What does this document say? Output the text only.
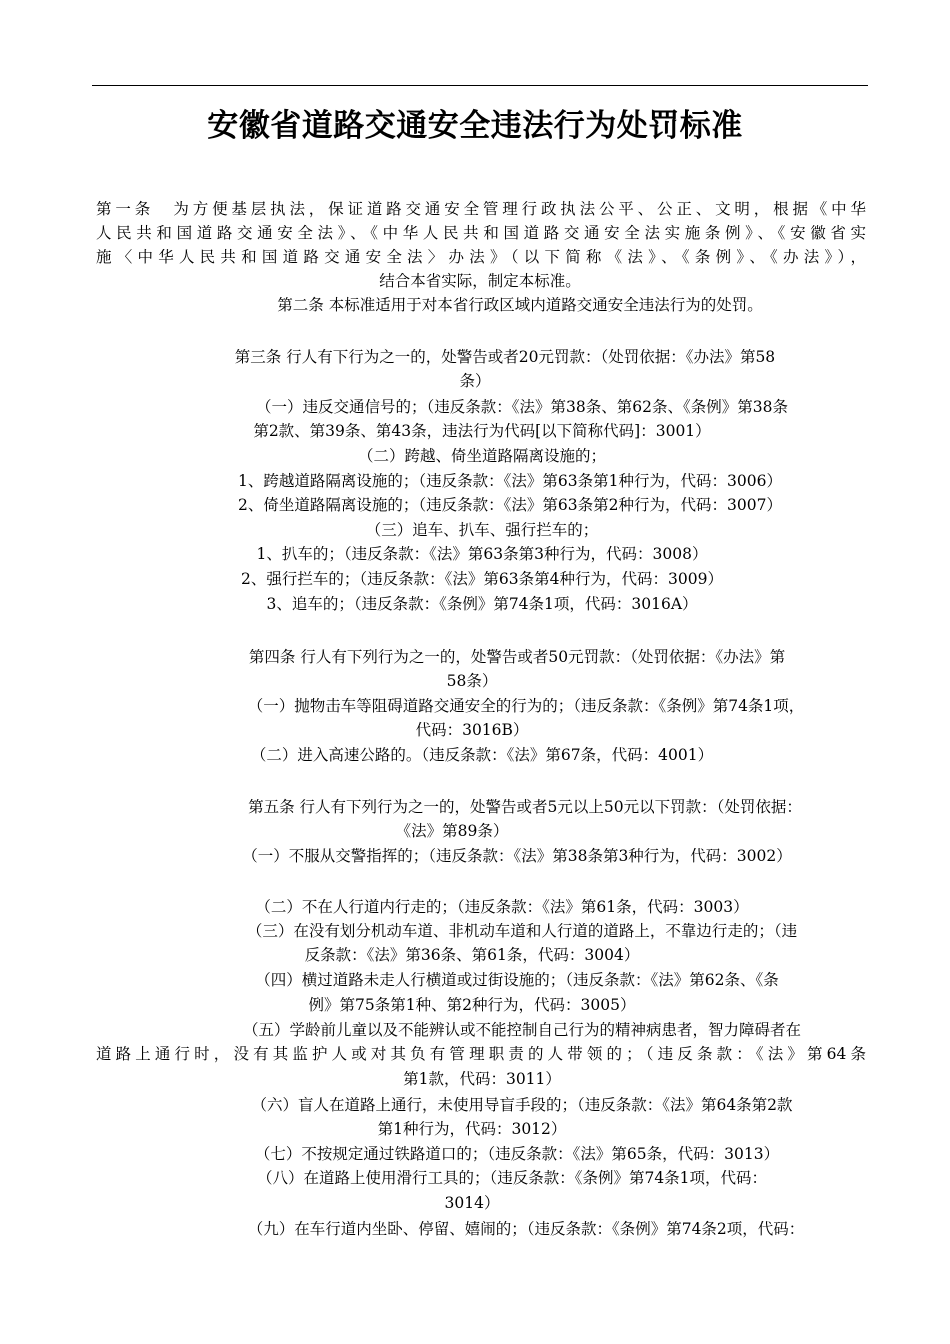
安徽省道路交通安全违法行为处罚标准
第一条　为方便基层执法，保证道路交通安全管理行政执法公平、公正、文明，根据《中华
人民共和国道路交通安全法》、《中华人民共和国道路交通安全法实施条例》、《安徽省实
施〈中华人民共和国道路交通安全法〉办法》（以下简称《法》、《条例》、《办法》），
结合本省实际，制定本标准。
第二条 本标准适用于对本省行政区域内道路交通安全违法行为的处罚。
第三条 行人有下行为之一的，处警告或者20元罚款：（处罚依据：《办法》第58
条）
（一）违反交通信号的；（违反条款：《法》第38条、第62条、《条例》第38条
第2款、第39条、第43条，违法行为代码[以下简称代码]：3001）
（二）跨越、倚坐道路隔离设施的；
1、跨越道路隔离设施的；（违反条款：《法》第63条第1种行为，代码：3006）
2、倚坐道路隔离设施的；（违反条款：《法》第63条第2种行为，代码：3007）
（三）追车、扒车、强行拦车的；
1、扒车的；（违反条款：《法》第63条第3种行为，代码：3008）
2、强行拦车的；（违反条款：《法》第63条第4种行为，代码：3009）
3、追车的；（违反条款：《条例》第74条1项，代码：3016A）
第四条 行人有下列行为之一的，处警告或者50元罚款：（处罚依据：《办法》第
58条）
（一）抛物击车等阻碍道路交通安全的行为的；（违反条款：《条例》第74条1项，
代码：3016B）
（二）进入高速公路的。（违反条款：《法》第67条，代码：4001）
第五条 行人有下列行为之一的，处警告或者5元以上50元以下罚款：（处罚依据：
《法》第89条）
（一）不服从交警指挥的；（违反条款：《法》第38条第3种行为，代码：3002）
（二）不在人行道内行走的；（违反条款：《法》第61条，代码：3003）
（三）在没有划分机动车道、非机动车道和人行道的道路上，不靠边行走的；（违
反条款：《法》第36条、第61条，代码：3004）
（四）横过道路未走人行横道或过街设施的；（违反条款：《法》第62条、《条
例》第75条第1种、第2种行为，代码：3005）
（五）学龄前儿童以及不能辨认或不能控制自己行为的精神病患者，智力障碍者在
道路上通行时，没有其监护人或对其负有管理职责的人带领的；（违反条款：《法》第64条
第1款，代码：3011）
（六）盲人在道路上通行，未使用导盲手段的；（违反条款：《法》第64条第2款
第1种行为，代码：3012）
（七）不按规定通过铁路道口的；（违反条款：《法》第65条，代码：3013）
（八）在道路上使用滑行工具的；（违反条款：《条例》第74条1项，代码：
3014）
（九）在车行道内坐卧、停留、嬉闹的；（违反条款：《条例》第74条2项，代码：
